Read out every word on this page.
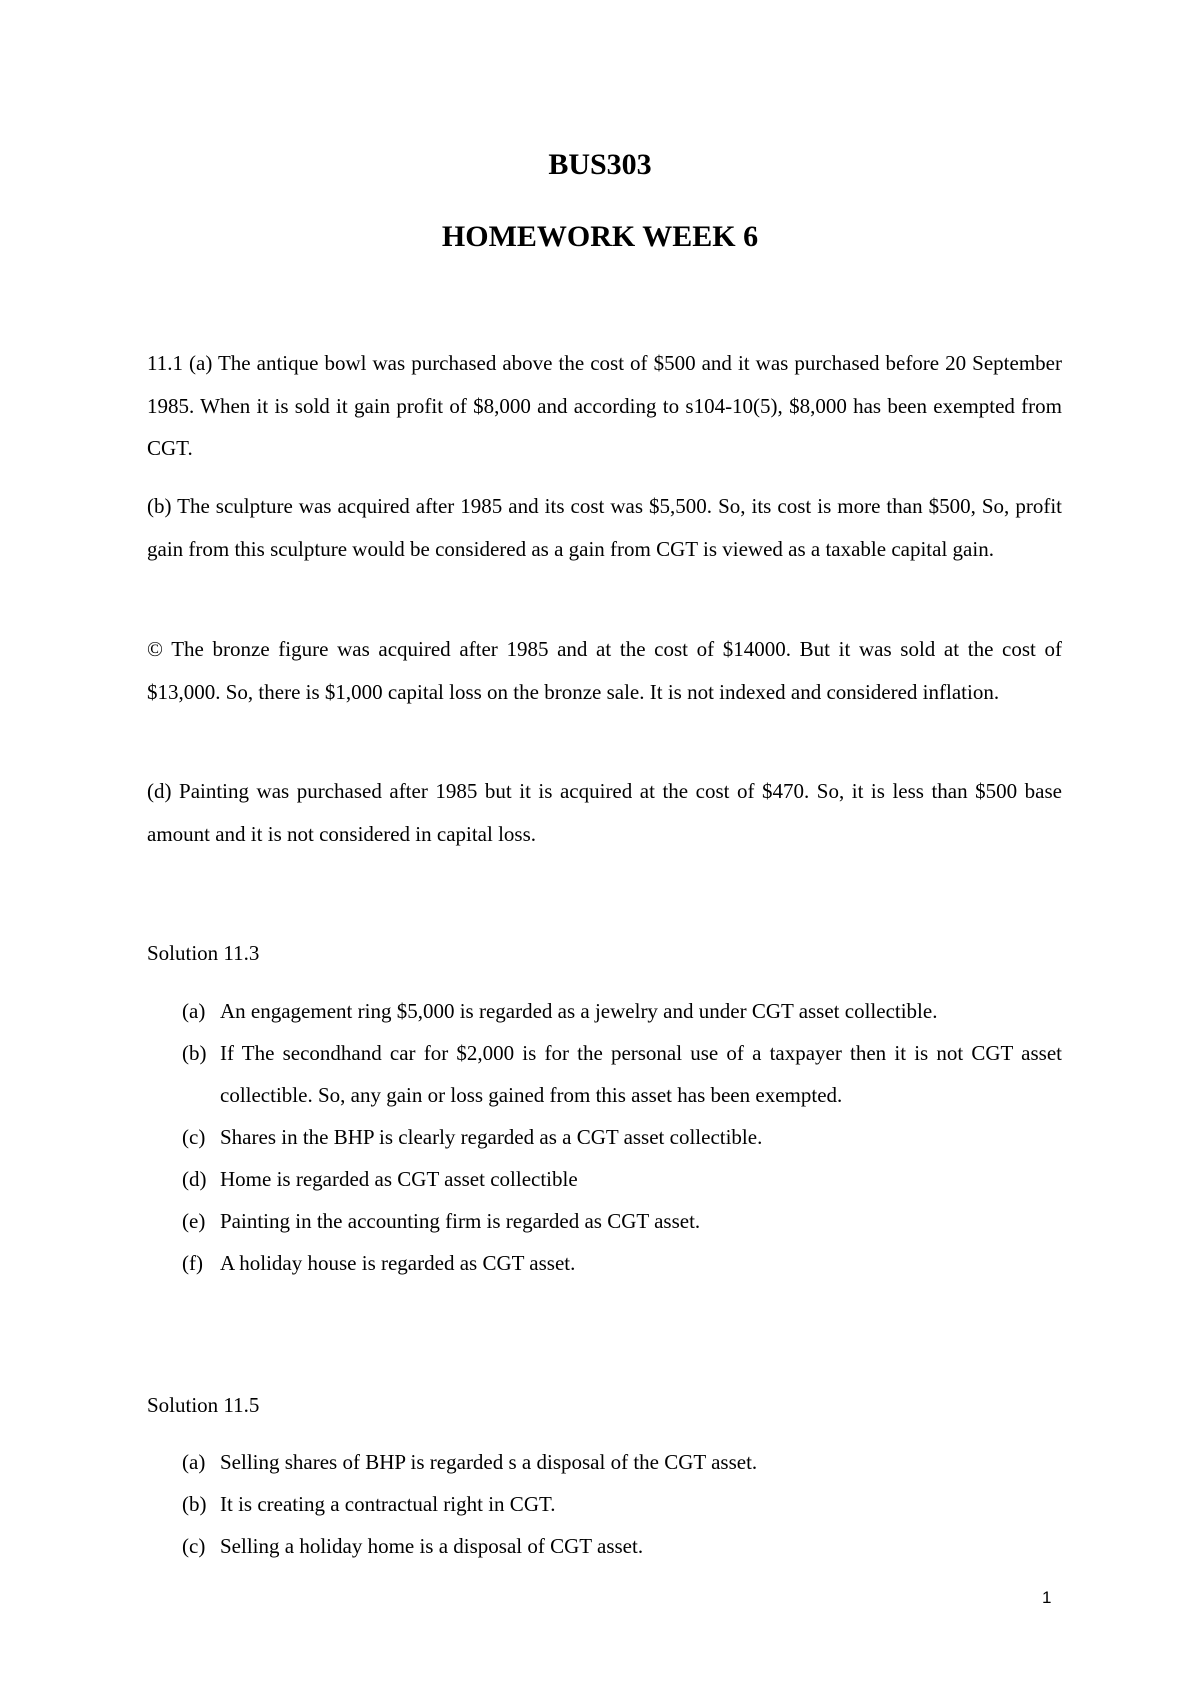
BUS303
HOMEWORK WEEK 6

11.1 (a) The antique bowl was purchased above the cost of $500 and it was purchased before 20 September 1985. When it is sold it gain profit of $8,000 and according to s104-10(5), $8,000 has been exempted from CGT.

(b) The sculpture was acquired after 1985 and its cost was $5,500. So, its cost is more than $500, So, profit gain from this sculpture would be considered as a gain from CGT is viewed as a taxable capital gain.

© The bronze figure was acquired after 1985 and at the cost of $14000. But it was sold at the cost of $13,000. So, there is $1,000 capital loss on the bronze sale. It is not indexed and considered inflation.

(d) Painting was purchased after 1985 but it is acquired at the cost of $470. So, it is less than $500 base amount and it is not considered in capital loss.

Solution 11.3

(a) An engagement ring $5,000 is regarded as a jewelry and under CGT asset collectible.
(b) If The secondhand car for $2,000 is for the personal use of a taxpayer then it is not CGT asset collectible. So, any gain or loss gained from this asset has been exempted.
(c) Shares in the BHP is clearly regarded as a CGT asset collectible.
(d) Home is regarded as CGT asset collectible
(e) Painting in the accounting firm is regarded as CGT asset.
(f) A holiday house is regarded as CGT asset.

Solution 11.5

(a) Selling shares of BHP is regarded s a disposal of the CGT asset.
(b) It is creating a contractual right in CGT.
(c) Selling a holiday home is a disposal of CGT asset.
1
